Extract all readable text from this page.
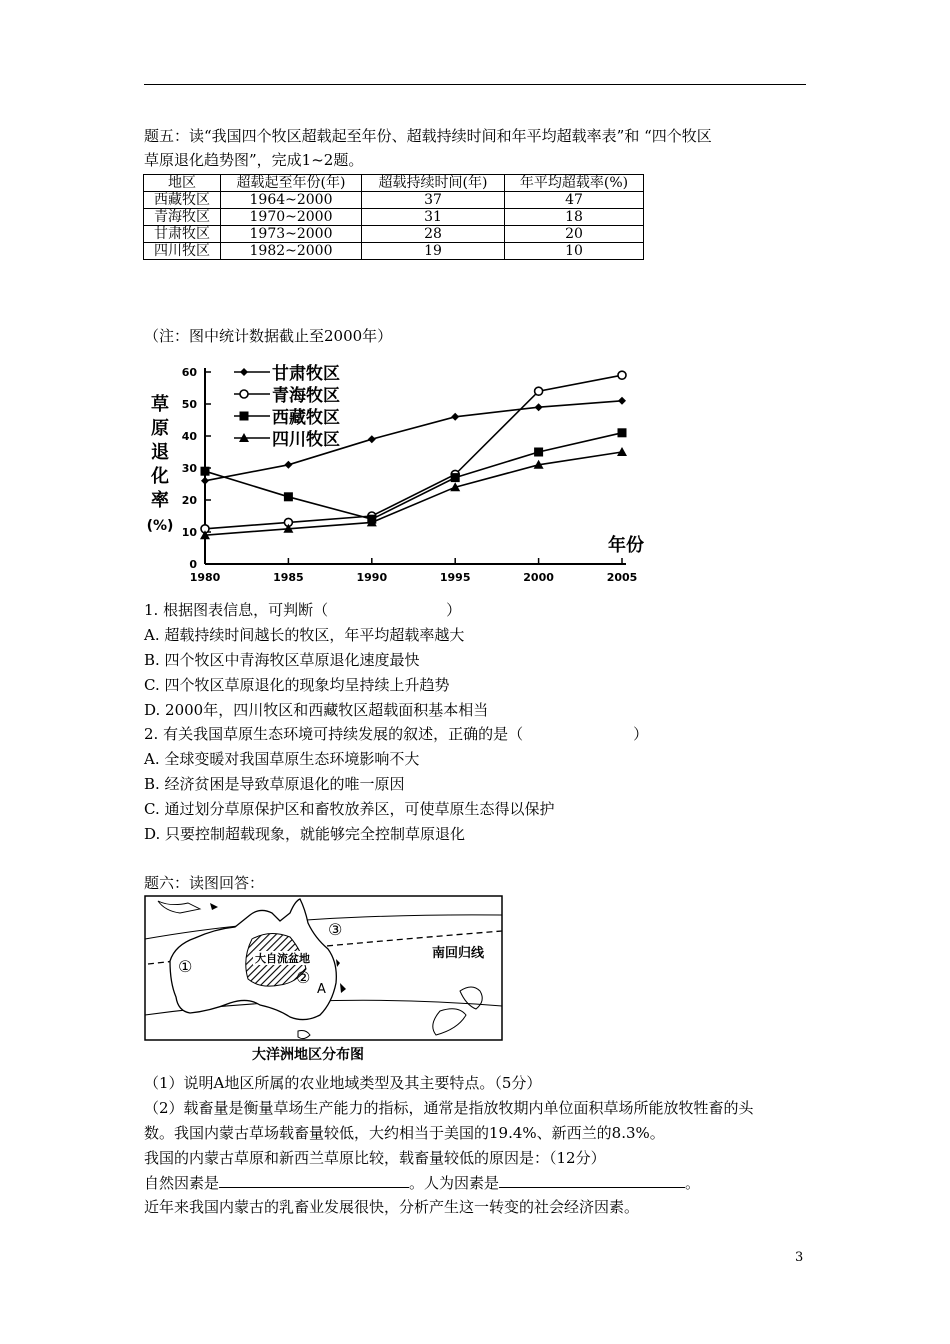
题五：读“我国四个牧区超载起至年份、超载持续时间和年平均超载率表”和 “四个牧区
草原退化趋势图”，完成1~2题。
地区	超载起至年份(年)	超载持续时间(年)	年平均超载率(%)
西藏牧区	1964~2000	37	47
青海牧区	1970~2000	31	18
甘肃牧区	1973~2000	28	20
四川牧区	1982~2000	19	10
（注：图中统计数据截止至2000年）
0
10
20
30
40
50
60
1980	1985	1990	1995	2000	2005
甘肃牧区
青海牧区
西藏牧区
四川牧区
草
原
退
化
率
(%)
年份
1. 根据图表信息，可判断（	）
A. 超载持续时间越长的牧区，年平均超载率越大
B. 四个牧区中青海牧区草原退化速度最快
C. 四个牧区草原退化的现象均呈持续上升趋势
D. 2000年，四川牧区和西藏牧区超载面积基本相当
2. 有关我国草原生态环境可持续发展的叙述，正确的是（	）
A. 全球变暖对我国草原生态环境影响不大
B. 经济贫困是导致草原退化的唯一原因
C. 通过划分草原保护区和畜牧放养区，可使草原生态得以保护
D. 只要控制超载现象，就能够完全控制草原退化
题六：读图回答：
大自流盆地
①
②
③
A
南回归线
大洋洲地区分布图
（1）说明A地区所属的农业地域类型及其主要特点。（5分）
（2）载畜量是衡量草场生产能力的指标，通常是指放牧期内单位面积草场所能放牧牲畜的头
数。我国内蒙古草场载畜量较低，大约相当于美国的19.4%、新西兰的8.3%。
我国的内蒙古草原和新西兰草原比较，载畜量较低的原因是：（12分）
自然因素是	。人为因素是	。
近年来我国内蒙古的乳畜业发展很快，分析产生这一转变的社会经济因素。
3
